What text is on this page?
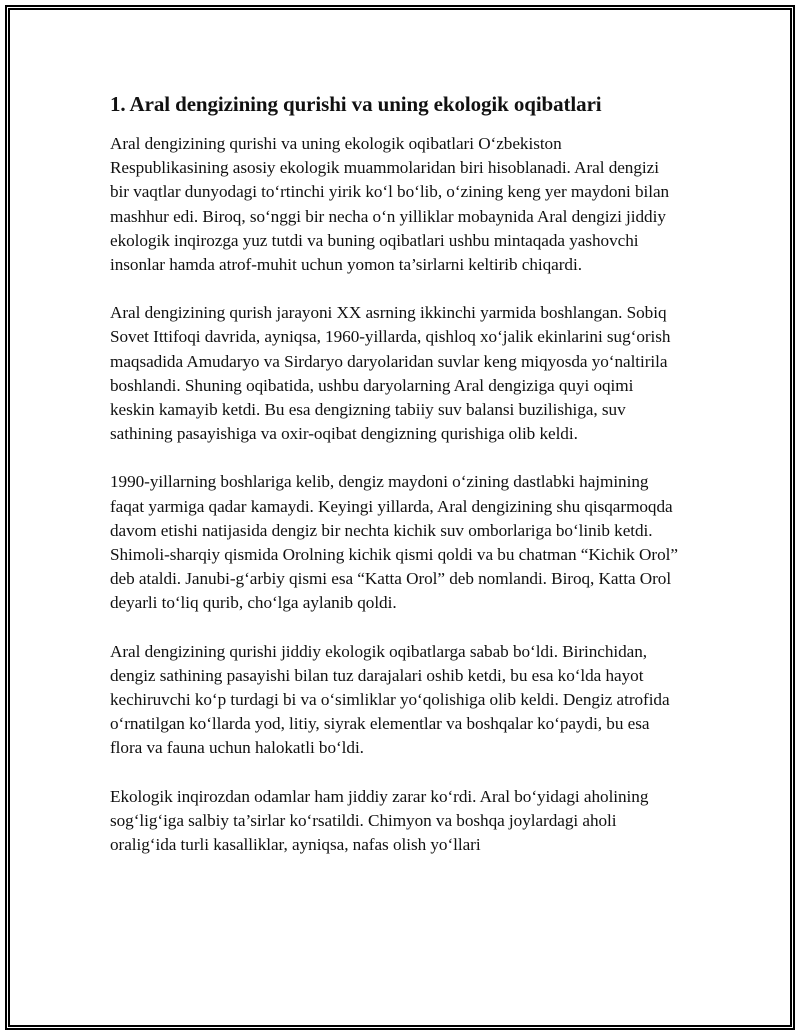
1. Aral dengizining qurishi va uning ekologik oqibatlari

Aral dengizining qurishi va uning ekologik oqibatlari O‘zbekiston Respublikasining asosiy ekologik muammolaridan biri hisoblanadi. Aral dengizi bir vaqtlar dunyodagi to‘rtinchi yirik ko‘l bo‘lib, o‘zining keng yer maydoni bilan mashhur edi. Biroq, so‘nggi bir necha o‘n yilliklar mobaynida Aral dengizi jiddiy ekologik inqirozga yuz tutdi va buning oqibatlari ushbu mintaqada yashovchi insonlar hamda atrof-muhit uchun yomon ta’sirlarni keltirib chiqardi.

Aral dengizining qurish jarayoni XX asrning ikkinchi yarmida boshlangan. Sobiq Sovet Ittifoqi davrida, ayniqsa, 1960-yillarda, qishloq xo‘jalik ekinlarini sug‘orish maqsadida Amudaryo va Sirdaryo daryolaridan suvlar keng miqyosda yo‘naltirila boshlandi. Shuning oqibatida, ushbu daryolarning Aral dengiziga quyi oqimi keskin kamayib ketdi. Bu esa dengizning tabiiy suv balansi buzilishiga, suv sathining pasayishiga va oxir-oqibat dengizning qurishiga olib keldi.

1990-yillarning boshlariga kelib, dengiz maydoni o‘zining dastlabki hajmining faqat yarmiga qadar kamaydi. Keyingi yillarda, Aral dengizining shu qisqarmoqda davom etishi natijasida dengiz bir nechta kichik suv omborlariga bo‘linib ketdi. Shimoli-sharqiy qismida Orolning kichik qismi qoldi va bu chatman “Kichik Orol” deb ataldi. Janubi-g‘arbiy qismi esa “Katta Orol” deb nomlandi. Biroq, Katta Orol deyarli to‘liq qurib, cho‘lga aylanib qoldi.

Aral dengizining qurishi jiddiy ekologik oqibatlarga sabab bo‘ldi. Birinchidan, dengiz sathining pasayishi bilan tuz darajalari oshib ketdi, bu esa ko‘lda hayot kechiruvchi ko‘p turdagi bi va o‘simliklar yo‘qolishiga olib keldi. Dengiz atrofida o‘rnatilgan ko‘llarda yod, litiy, siyrak elementlar va boshqalar ko‘paydi, bu esa flora va fauna uchun halokatli bo‘ldi.

Ekologik inqirozdan odamlar ham jiddiy zarar ko‘rdi. Aral bo‘yidagi aholining sog‘lig‘iga salbiy ta’sirlar ko‘rsatildi. Chimyon va boshqa joylardagi aholi oralig‘ida turli kasalliklar, ayniqsa, nafas olish yo‘llari
